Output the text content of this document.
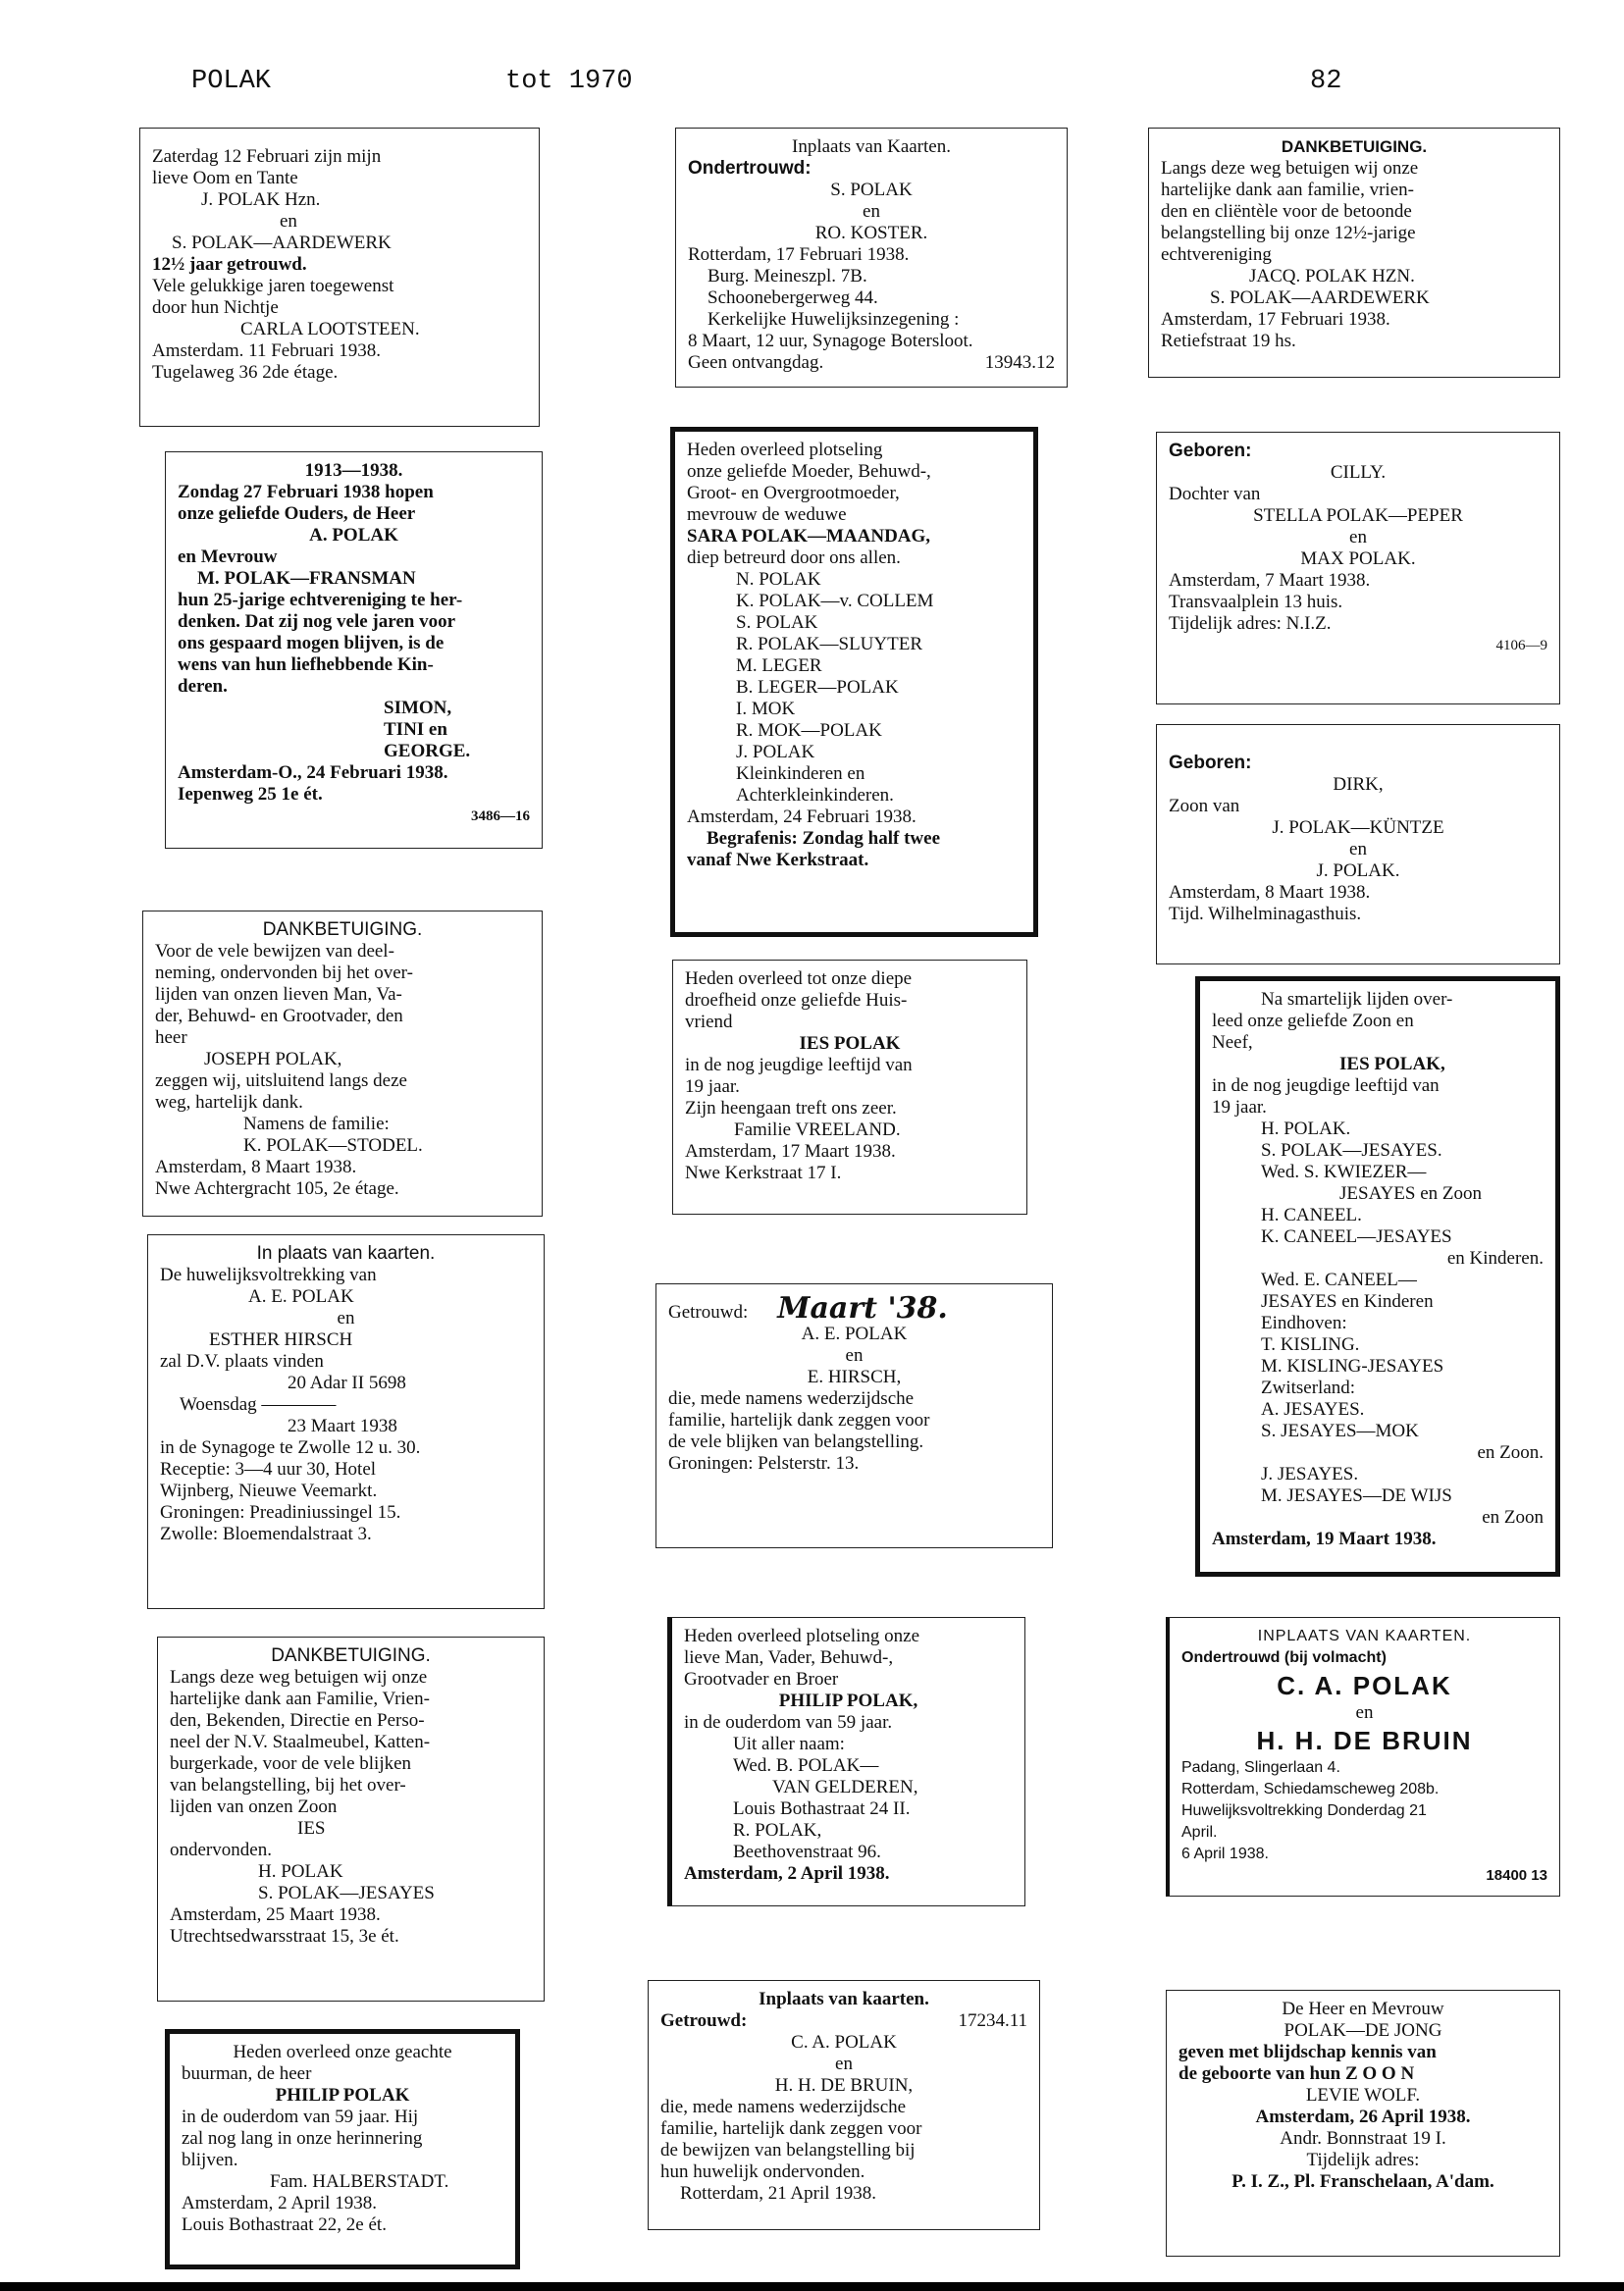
POLAK	tot 1970	82
Zaterdag 12 Februari zijn mijn
lieve Oom en Tante
J. POLAK Hzn.
en
S. POLAK—AARDEWERK
12½ jaar getrouwd.
Vele gelukkige jaren toegewenst
door hun Nichtje
CARLA LOOTSTEEN.
Amsterdam. 11 Februari 1938.
Tugelaweg 36 2de étage.
1913—1938.
Zondag 27 Februari 1938 hopen
onze geliefde Ouders, de Heer
A. POLAK
en Mevrouw
M. POLAK—FRANSMAN
hun 25-jarige echtvereniging te her-
denken. Dat zij nog vele jaren voor
ons gespaard mogen blijven, is de
wens van hun liefhebbende Kin-
deren.
SIMON,
TINI en
GEORGE.
Amsterdam-O., 24 Februari 1938.
Iepenweg 25 1e ét.
3486—16
DANKBETUIGING.
Voor de vele bewijzen van deel-
neming, ondervonden bij het over-
lijden van onzen lieven Man, Va-
der, Behuwd- en Grootvader, den
heer
JOSEPH POLAK,
zeggen wij, uitsluitend langs deze
weg, hartelijk dank.
Namens de familie:
K. POLAK—STODEL.
Amsterdam, 8 Maart 1938.
Nwe Achtergracht 105, 2e étage.
In plaats van kaarten.
De huwelijksvoltrekking van
A. E. POLAK
en
ESTHER HIRSCH
zal D.V. plaats vinden
20 Adar II 5698
Woensdag ————
23 Maart 1938
in de Synagoge te Zwolle 12 u. 30.
Receptie: 3—4 uur 30, Hotel
Wijnberg, Nieuwe Veemarkt.
Groningen: Preadiniussingel 15.
Zwolle: Bloemendalstraat 3.
DANKBETUIGING.
Langs deze weg betuigen wij onze
hartelijke dank aan Familie, Vrien-
den, Bekenden, Directie en Perso-
neel der N.V. Staalmeubel, Katten-
burgerkade, voor de vele blijken
van belangstelling, bij het over-
lijden van onzen Zoon
IES
ondervonden.
H. POLAK
S. POLAK—JESAYES
Amsterdam, 25 Maart 1938.
Utrechtsedwarsstraat 15, 3e ét.
Heden overleed onze geachte
buurman, de heer
PHILIP POLAK
in de ouderdom van 59 jaar. Hij
zal nog lang in onze herinnering
blijven.
Fam. HALBERSTADT.
Amsterdam, 2 April 1938.
Louis Bothastraat 22, 2e ét.
Inplaats van Kaarten.
Ondertrouwd:
S. POLAK
en
RO. KOSTER.
Rotterdam, 17 Februari 1938.
Burg. Meineszpl. 7B.
Schoonebergerweg 44.
Kerkelijke Huwelijksinzegening :
8 Maart, 12 uur, Synagoge Botersloot.
Geen ontvangdag.	13943.12
Heden overleed plotseling
onze geliefde Moeder, Behuwd-,
Groot- en Overgrootmoeder,
mevrouw de weduwe
SARA POLAK—MAANDAG,
diep betreurd door ons allen.
N. POLAK
K. POLAK—v. COLLEM
S. POLAK
R. POLAK—SLUYTER
M. LEGER
B. LEGER—POLAK
I. MOK
R. MOK—POLAK
J. POLAK
Kleinkinderen en
Achterkleinkinderen.
Amsterdam, 24 Februari 1938.
Begrafenis: Zondag half twee
vanaf Nwe Kerkstraat.
Heden overleed tot onze diepe
droefheid onze geliefde Huis-
vriend
IES POLAK
in de nog jeugdige leeftijd van
19 jaar.
Zijn heengaan treft ons zeer.
Familie VREELAND.
Amsterdam, 17 Maart 1938.
Nwe Kerkstraat 17 I.
Getrouwd: Maart '38.
A. E. POLAK
en
E. HIRSCH,
die, mede namens wederzijdsche
familie, hartelijk dank zeggen voor
de vele blijken van belangstelling.
Groningen: Pelsterstr. 13.
Heden overleed plotseling onze
lieve Man, Vader, Behuwd-,
Grootvader en Broer
PHILIP POLAK,
in de ouderdom van 59 jaar.
Uit aller naam:
Wed. B. POLAK—
VAN GELDEREN,
Louis Bothastraat 24 II.
R. POLAK,
Beethovenstraat 96.
Amsterdam, 2 April 1938.
Inplaats van kaarten.
Getrouwd:	17234.11
C. A. POLAK
en
H. H. DE BRUIN,
die, mede namens wederzijdsche
familie, hartelijk dank zeggen voor
de bewijzen van belangstelling bij
hun huwelijk ondervonden.
Rotterdam, 21 April 1938.
DANKBETUIGING.
Langs deze weg betuigen wij onze
hartelijke dank aan familie, vrien-
den en cliëntèle voor de betoonde
belangstelling bij onze 12½-jarige
echtvereniging
JACQ. POLAK HZN.
S. POLAK—AARDEWERK
Amsterdam, 17 Februari 1938.
Retiefstraat 19 hs.
Geboren:
CILLY.
Dochter van
STELLA POLAK—PEPER
en
MAX POLAK.
Amsterdam, 7 Maart 1938.
Transvaalplein 13 huis.
Tijdelijk adres: N.I.Z.
4106—9
Geboren:
DIRK,
Zoon van
J. POLAK—KÜNTZE
en
J. POLAK.
Amsterdam, 8 Maart 1938.
Tijd. Wilhelminagasthuis.
Na smartelijk lijden over-
leed onze geliefde Zoon en
Neef,
IES POLAK,
in de nog jeugdige leeftijd van
19 jaar.
H. POLAK.
S. POLAK—JESAYES.
Wed. S. KWIEZER—
JESAYES en Zoon
H. CANEEL.
K. CANEEL—JESAYES
en Kinderen.
Wed. E. CANEEL—
JESAYES en Kinderen
Eindhoven:
T. KISLING.
M. KISLING-JESAYES
Zwitserland:
A. JESAYES.
S. JESAYES—MOK
en Zoon.
J. JESAYES.
M. JESAYES—DE WIJS
en Zoon
Amsterdam, 19 Maart 1938.
INPLAATS VAN KAARTEN.
Ondertrouwd (bij volmacht)
C. A. POLAK
en
H. H. DE BRUIN
Padang, Slingerlaan 4.
Rotterdam, Schiedamscheweg 208b.
Huwelijksvoltrekking Donderdag 21
April.
6 April 1938.
18400 13
De Heer en Mevrouw
POLAK—DE JONG
geven met blijdschap kennis van
de geboorte van hun Z O O N
LEVIE WOLF.
Amsterdam, 26 April 1938.
Andr. Bonnstraat 19 I.
Tijdelijk adres:
P. I. Z., Pl. Franschelaan, A'dam.
